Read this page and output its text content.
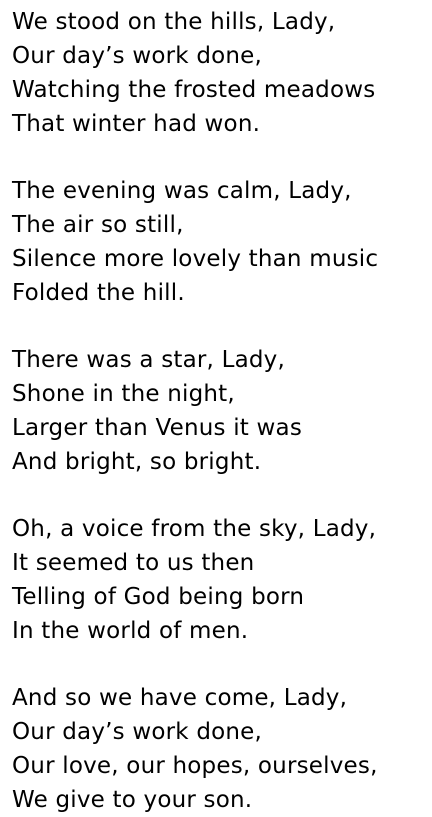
We stood on the hills, Lady,
Our day’s work done,
Watching the frosted meadows
That winter had won.
The evening was calm, Lady,
The air so still,
Silence more lovely than music
Folded the hill.
There was a star, Lady,
Shone in the night,
Larger than Venus it was
And bright, so bright.
Oh, a voice from the sky, Lady,
It seemed to us then
Telling of God being born
In the world of men.
And so we have come, Lady,
Our day’s work done,
Our love, our hopes, ourselves,
We give to your son.
